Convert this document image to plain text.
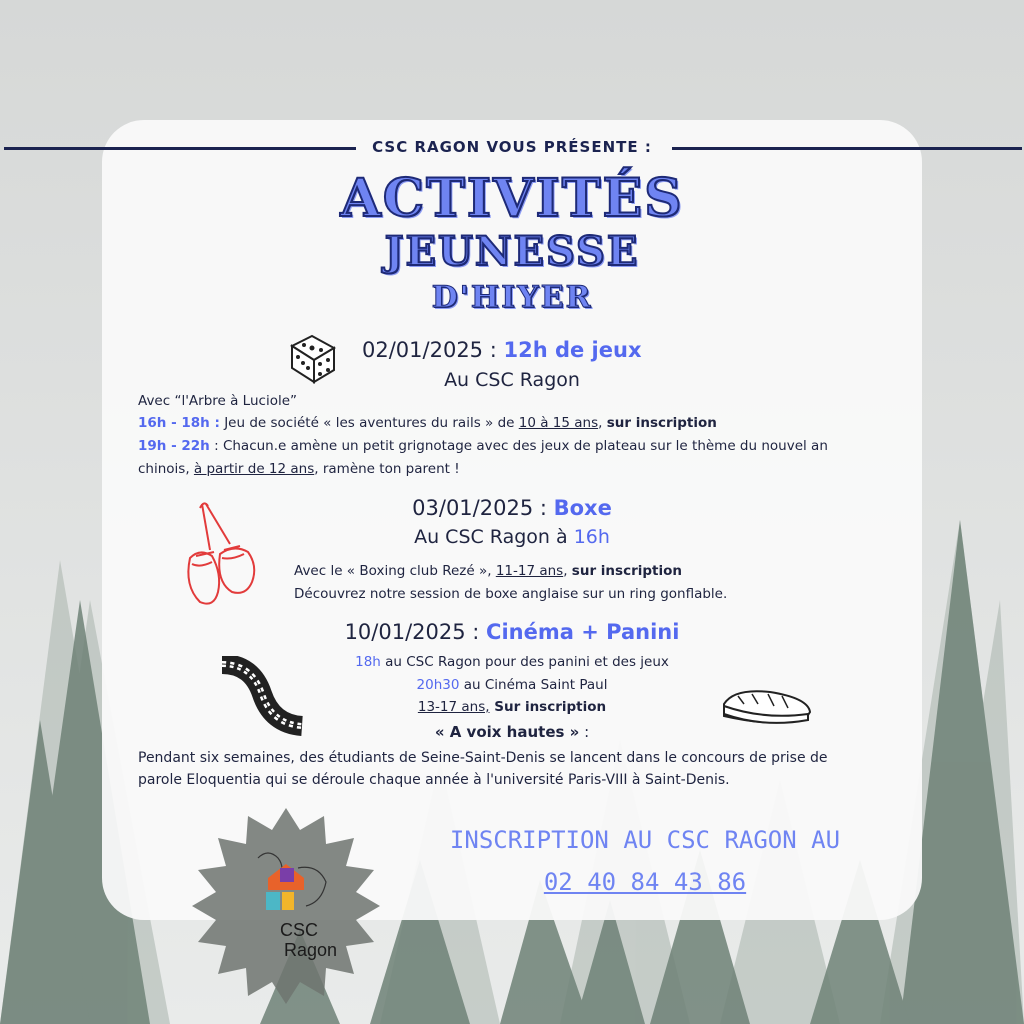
CSC RAGON VOUS PRÉSENTE :
ACTIVITÉS
JEUNESSE
D'HIYER
02/01/2025 : 12h de jeux
Au CSC Ragon
Avec “l'Arbre à Luciole”
16h - 18h : Jeu de société « les aventures du rails » de 10 à 15 ans, sur inscription
19h - 22h : Chacun.e amène un petit grignotage avec des jeux de plateau sur le thème du nouvel an
chinois, à partir de 12 ans, ramène ton parent !
03/01/2025 : Boxe
Au CSC Ragon à 16h
Avec le « Boxing club Rezé », 11-17 ans, sur inscription
Découvrez notre session de boxe anglaise sur un ring gonflable.
10/01/2025 : Cinéma + Panini
18h au CSC Ragon pour des panini et des jeux
20h30 au Cinéma Saint Paul
13-17 ans, Sur inscription
« A voix hautes » :
Pendant six semaines, des étudiants de Seine-Saint-Denis se lancent dans le concours de prise de
parole Eloquentia qui se déroule chaque année à l'université Paris-VIII à Saint-Denis.
CSC Ragon
INSCRIPTION AU CSC RAGON AU
02 40 84 43 86
